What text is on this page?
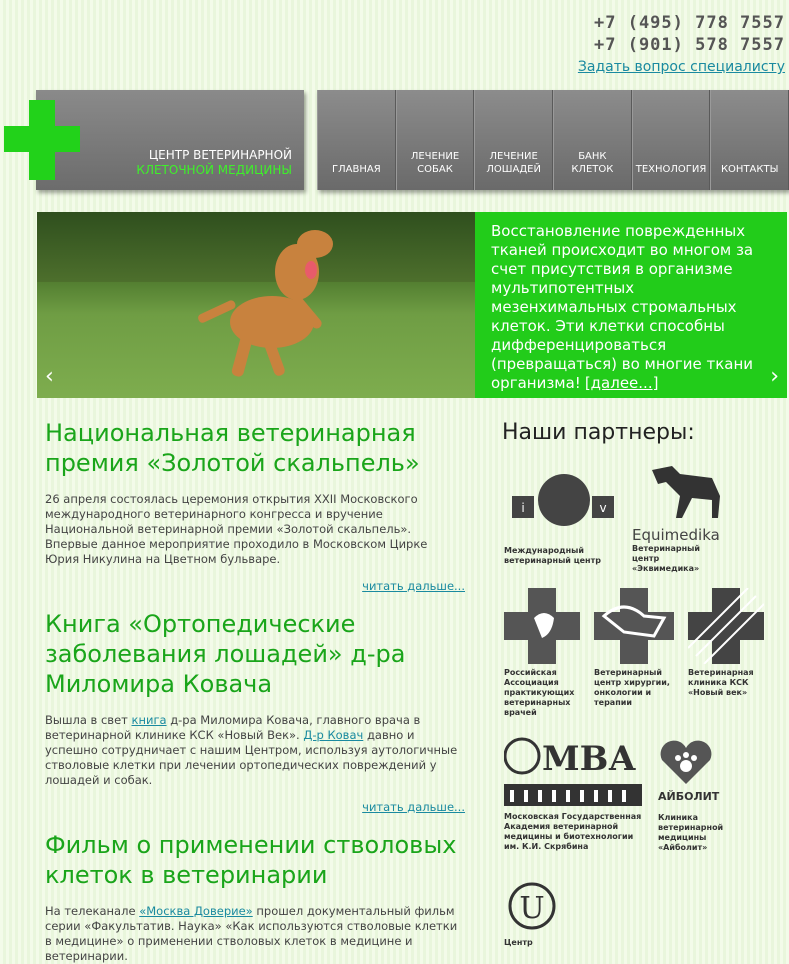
+7 (495) 778 7557
+7 (901) 578 7557
Задать вопрос специалисту
ЦЕНТР ВЕТЕРИНАРНОЙ
КЛЕТОЧНОЙ МЕДИЦИНЫ	ГЛАВНАЯ
ЛЕЧЕНИЕ
СОБАК
ЛЕЧЕНИЕ
ЛОШАДЕЙ
БАНК
КЛЕТОК	ТЕХНОЛОГИЯ	КОНТАКТЫ
Восстановление поврежденных тканей происходит во многом за счет присутствия в организме мультипотентных мезенхимальных стромальных клеток. Эти клетки способны дифференцироваться (превращаться) во многие ткани организма! [далее...]
‹	›
Национальная ветеринарная премия «Золотой скальпель»

26 апреля состоялась церемония открытия XXII Московского международного ветеринарного конгресса и вручение Национальной ветеринарной премии «Золотой скальпель». Впервые данное мероприятие проходило в Московском Цирке Юрия Никулина на Цветном бульваре.

читать дальше...
Книга «Ортопедические заболевания лошадей» д-ра Миломира Ковача

Вышла в свет книга д-ра Миломира Ковача, главного врача в ветеринарной клинике КСК «Новый Век». Д-р Ковач давно и успешно сотрудничает с нашим Центром, используя аутологичные стволовые клетки при лечении ортопедических повреждений у лошадей и собак.

читать дальше...
Фильм о применении стволовых клеток в ветеринарии

На телеканале «Москва Доверие» прошел документальный фильм серии «Факультатив. Наука» «Как используются стволовые клетки в медицине» о применении стволовых клеток в медицине и ветеринарии.

Наши партнеры:
i	v
Международный ветеринарный центр
Equimedika
Ветеринарный центр «Эквимедика»
Российская Ассоциация практикующих ветеринарных врачей
Ветеринарный центр хирургии, онкологии и терапии
Ветеринарная клиника КСК «Новый век»
МВА
Московская Государственная Академия ветеринарной медицины и биотехнологии им. К.И. Скрябина
АЙБОЛИТ
Клиника ветеринарной медицины «Айболит»
U
Центр
